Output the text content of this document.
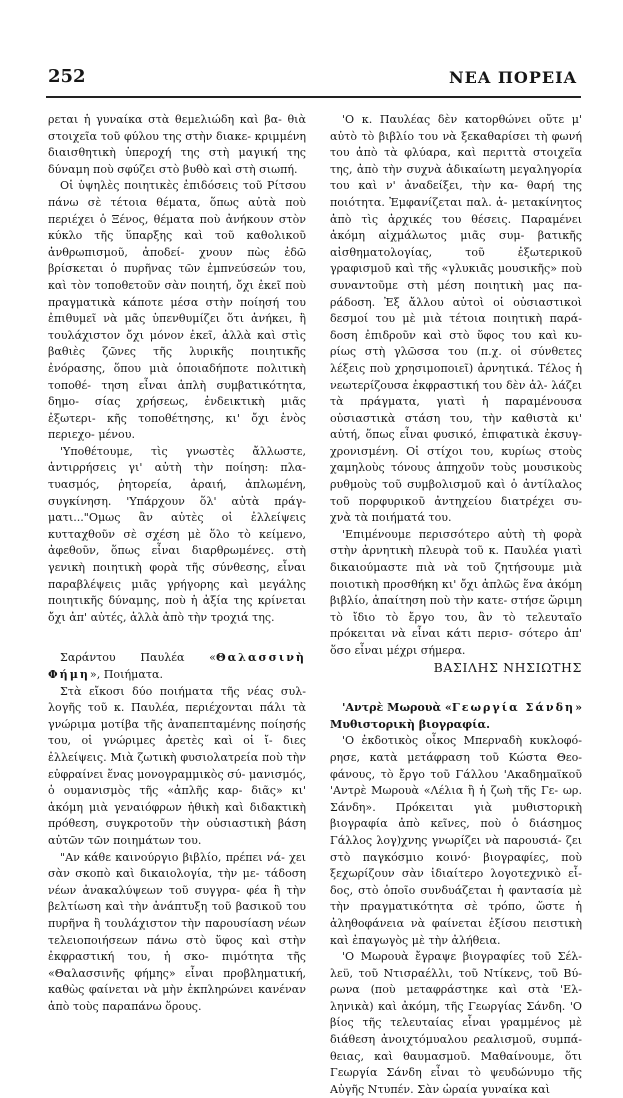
252	ΝΕΑ ΠΟΡΕΙΑ

ρεται ἡ γυναίκα στὰ θεμελιώδη καὶ βα- θιὰ στοιχεῖα τοῦ φύλου της στὴν διακε- κριμμένη διαισθητικὴ ὑπεροχή της στὴ μαγική της δύναμη ποὺ σφύζει στὸ βυθὸ καὶ στὴ σιωπή.

Οἱ ὑψηλὲς ποιητικὲς ἐπιδόσεις τοῦ Ρίτσου πάνω σὲ τέτοια θέματα, ὅπως αὐτὰ ποὺ περιέχει ὁ Ξένος, θέματα ποὺ ἀνήκουν στὸν κύκλο τῆς ὕπαρξης καὶ τοῦ καθολικοῦ ἀνθρωπισμοῦ, ἀποδεί- χνουν πὼς ἐδῶ βρίσκεται ὁ πυρῆνας τῶν ἐμπνεύσεών του, καὶ τὸν τοποθετοῦν σὰν ποιητή, ὄχι ἐκεῖ ποὺ πραγματικὰ κάποτε μέσα στὴν ποίησή του ἐπιθυμεῖ νὰ μᾶς ὑπενθυμίζει ὅτι ἀνήκει, ἢ τουλάχιστον ὄχι μόνον ἐκεῖ, ἀλλὰ καὶ στὶς βαθιὲς ζῶνες τῆς λυρικῆς ποιητικῆς ἐνόρασης, ὅπου μιὰ ὁποιαδήποτε πολιτικὴ τοποθέ- τηση εἶναι ἁπλὴ συμβατικότητα, δημο- σίας χρήσεως, ἐνδεικτικὴ μιᾶς ἐξωτερι- κῆς τοποθέτησης, κι' ὄχι ἑνὸς περιεχο- μένου.

'Υποθέτουμε, τὶς γνωστὲς ἄλλωστε, ἀντιρρήσεις γι' αὐτὴ τὴν ποίηση: πλα- τυασμός, ῥητορεία, ἀραιή, ἀπλωμένη, συγκίνηση. 'Υπάρχουν ὅλ' αὐτὰ πράγ- ματι..."Ομως ἂν αὐτὲς οἱ ἐλλείψεις κυτταχθοῦν σὲ σχέση μὲ ὅλο τὸ κείμενο, ἀφεθοῦν, ὅπως εἶναι διαρθρωμένες. στὴ γενικὴ ποιητικὴ φορὰ τῆς σύνθεσης, εἶναι παραβλέψεις μιᾶς γρήγορης καὶ μεγάλης ποιητικῆς δύναμης, ποὺ ἡ ἀξία της κρίνεται ὄχι ἀπ' αὐτές, ἀλλὰ ἀπὸ τὴν τροχιά της.

Σαράντου Παυλέα «Θαλασσινὴ Φήμη», Ποιήματα.

Στὰ εἴκοσι δύο ποιήματα τῆς νέας συλ- λογῆς τοῦ κ. Παυλέα, περιέχονται πάλι τὰ γνώριμα μοτίβα τῆς ἀναπεπταμένης ποίησής του, οἱ γνώριμες ἀρετὲς καὶ οἱ ἴ- διες ἐλλείψεις. Μιὰ ζωτικὴ φυσιολατρεία ποὺ τὴν εὐφραίνει ἕνας μονογραμμικὸς σύ- μανισμός, ὁ ουμανισμὸς τῆς «ἁπλῆς καρ- διᾶς» κι' ἀκόμη μιὰ γεναιόφρων ἠθικὴ καὶ διδακτικὴ πρόθεση, συγκροτοῦν τὴν οὐσιαστικὴ βάση αὐτῶν τῶν ποιημάτων του.

"Αν κάθε καινούργιο βιβλίο, πρέπει νά- χει σὰν σκοπὸ καὶ δικαιολογία, τὴν με- τάδοση νέων ἀνακαλύψεων τοῦ συγγρα- φέα ἢ τὴν βελτίωση καὶ τὴν ἀνάπτυξη τοῦ βασικοῦ του πυρῆνα ἢ τουλάχιστον τὴν παρουσίαση νέων τελειοποιήσεων πάνω στὸ ὕφος καὶ στὴν ἐκφραστική του, ἡ σκο- πιμότητα τῆς «Θαλασσινῆς φήμης» εἶναι προβληματική, καθὼς φαίνεται νὰ μὴν ἐκπληρώνει κανέναν ἀπὸ τοὺς παραπάνω ὅρους.

'Ο κ. Παυλέας δὲν κατορθώνει οὔτε μ' αὐτὸ τὸ βιβλίο του νὰ ξεκαθαρίσει τὴ φωνή του ἀπὸ τὰ φλύαρα, καὶ περιττὰ στοιχεῖα της, ἀπὸ τὴν συχνὰ ἀδικαίωτη μεγαληγορία του καὶ ν' ἀναδείξει, τὴν κα- θαρή της ποιότητα. Ἐμφανίζεται παλ. ἀ- μετακίνητος ἀπὸ τὶς ἀρχικές του θέσεις. Παραμένει ἀκόμη αἰχμάλωτος μιᾶς συμ- βατικῆς αἰσθηματολογίας, τοῦ ἐξωτερικοῦ γραφισμοῦ καὶ τῆς «γλυκιᾶς μουσικῆς» ποὺ συναντοῦμε στὴ μέση ποιητικὴ μας πα- ράδοση. Ἐξ ἄλλου αὐτοὶ οἱ οὐσιαστικοὶ δεσμοί του μὲ μιὰ τέτοια ποιητικὴ παρά- δοση ἐπιδροῦν καὶ στὸ ὕφος του καὶ κυ- ρίως στὴ γλῶσσα του (π.χ. οἱ σύνθετες λέξεις ποὺ χρησιμοποιεῖ) ἀρνητικά. Τέλος ἡ νεωτερίζουσα ἐκφραστική του δὲν ἀλ- λάζει τὰ πράγματα, γιατὶ ἡ παραμένουσα οὐσιαστικὰ στάση του, τὴν καθιστὰ κι' αὐτή, ὅπως εἶναι φυσικό, ἐπιφατικὰ ἐκσυγ- χρονισμένη. Οἱ στίχοι του, κυρίως στοὺς χαμηλοὺς τόνους ἀπηχοῦν τοὺς μουσικοὺς ρυθμοὺς τοῦ συμβολισμοῦ καὶ ὁ ἀντίλαλος τοῦ πορφυρικοῦ ἀντηχείου διατρέχει συ- χνὰ τὰ ποιήματά του.

'Επιμένουμε περισσότερο αὐτὴ τὴ φορὰ στὴν ἀρνητικὴ πλευρὰ τοῦ κ. Παυλέα γιατὶ δικαιούμαστε πιὰ νὰ τοῦ ζητήσουμε μιὰ ποιοτικὴ προσθήκη κι' ὄχι ἁπλῶς ἕνα ἀκόμη βιβλίο, ἀπαίτηση ποὺ τὴν κατε- στήσε ὥριμη τὸ ἴδιο τὸ ἔργο του, ἂν τὸ τελευταῖο πρόκειται νὰ εἶναι κάτι περισ- σότερο ἀπ' ὅσο εἶναι μέχρι σήμερα.

ΒΑΣΙΛΗΣ ΝΗΣΙΩΤΗΣ

'Αντρὲ Μωρουὰ «Γεωργία Σάνδη» Μυθιστορικὴ βιογραφία.

'Ο ἐκδοτικὸς οἶκος Μπερναδὴ κυκλοφό- ρησε, κατὰ μετάφραση τοῦ Κώστα Θεο- φάνους, τὸ ἔργο τοῦ Γάλλου 'Ακαδημαϊκοῦ 'Αντρὲ Μωρουὰ «Λέλια ἢ ἡ ζωὴ τῆς Γε- ωρ. Σάνδη». Πρόκειται γιὰ μυθιστορικὴ βιογραφία ἀπὸ κεῖνες, ποὺ ὁ διάσημος Γάλλος λογ)χνης γνωρίζει νὰ παρουσιά- ζει στὸ παγκόσμιο κοινό· βιογραφίες, ποὺ ξεχωρίζουν σὰν ἰδιαίτερο λογοτεχνικὸ εἶ- δος, στὸ ὁποῖο συνδυάζεται ἡ φαντασία μὲ τὴν πραγματικότητα σὲ τρόπο, ὥστε ἡ ἀληθοφάνεια νὰ φαίνεται ἐξίσου πειστικὴ καὶ ἐπαγωγὸς μὲ τὴν ἀλήθεια.

'Ο Μωρουὰ ἔγραψε βιογραφίες τοῦ Σέλ- λεϋ, τοῦ Ντισραέλλι, τοῦ Ντίκενς, τοῦ Βύ- ρωνα (ποὺ μεταφράστηκε καὶ στὰ 'Ελ- ληνικὰ) καὶ ἀκόμη, τῆς Γεωργίας Σάνδη. 'Ο βίος τῆς τελευταίας εἶναι γραμμένος μὲ διάθεση ἀνοιχτόμυαλου ρεαλισμοῦ, συμπά- θειας, καὶ θαυμασμοῦ. Μαθαίνουμε, ὅτι Γεωργία Σάνδη εἶναι τὸ ψευδώνυμο τῆς Αὐγῆς Ντυπέν. Σὰν ὡραία γυναίκα καὶ
